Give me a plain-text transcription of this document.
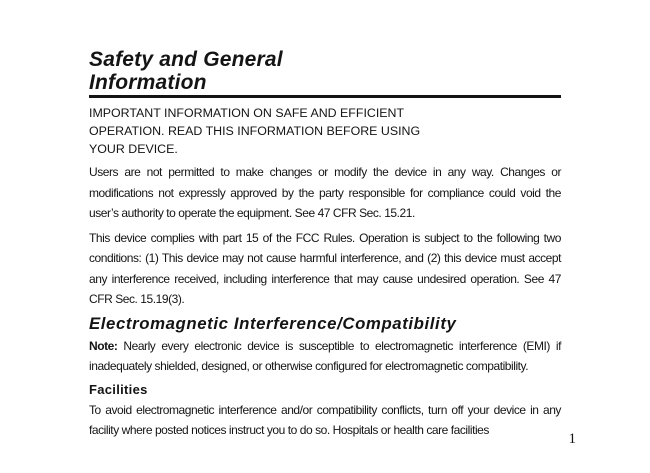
Safety and General Information

IMPORTANT INFORMATION ON SAFE AND EFFICIENT OPERATION. READ THIS INFORMATION BEFORE USING YOUR DEVICE.

Users are not permitted to make changes or modify the device in any way. Changes or modifications not expressly approved by the party responsible for compliance could void the user’s authority to operate the equipment. See 47 CFR Sec. 15.21.

This device complies with part 15 of the FCC Rules. Operation is subject to the following two conditions: (1) This device may not cause harmful interference, and (2) this device must accept any interference received, including interference that may cause undesired operation. See 47 CFR Sec. 15.19(3).

Electromagnetic Interference/Compatibility

Note: Nearly every electronic device is susceptible to electromagnetic interference (EMI) if inadequately shielded, designed, or otherwise configured for electromagnetic compatibility.

Facilities

To avoid electromagnetic interference and/or compatibility conflicts, turn off your device in any facility where posted notices instruct you to do so. Hospitals or health care facilities

1
